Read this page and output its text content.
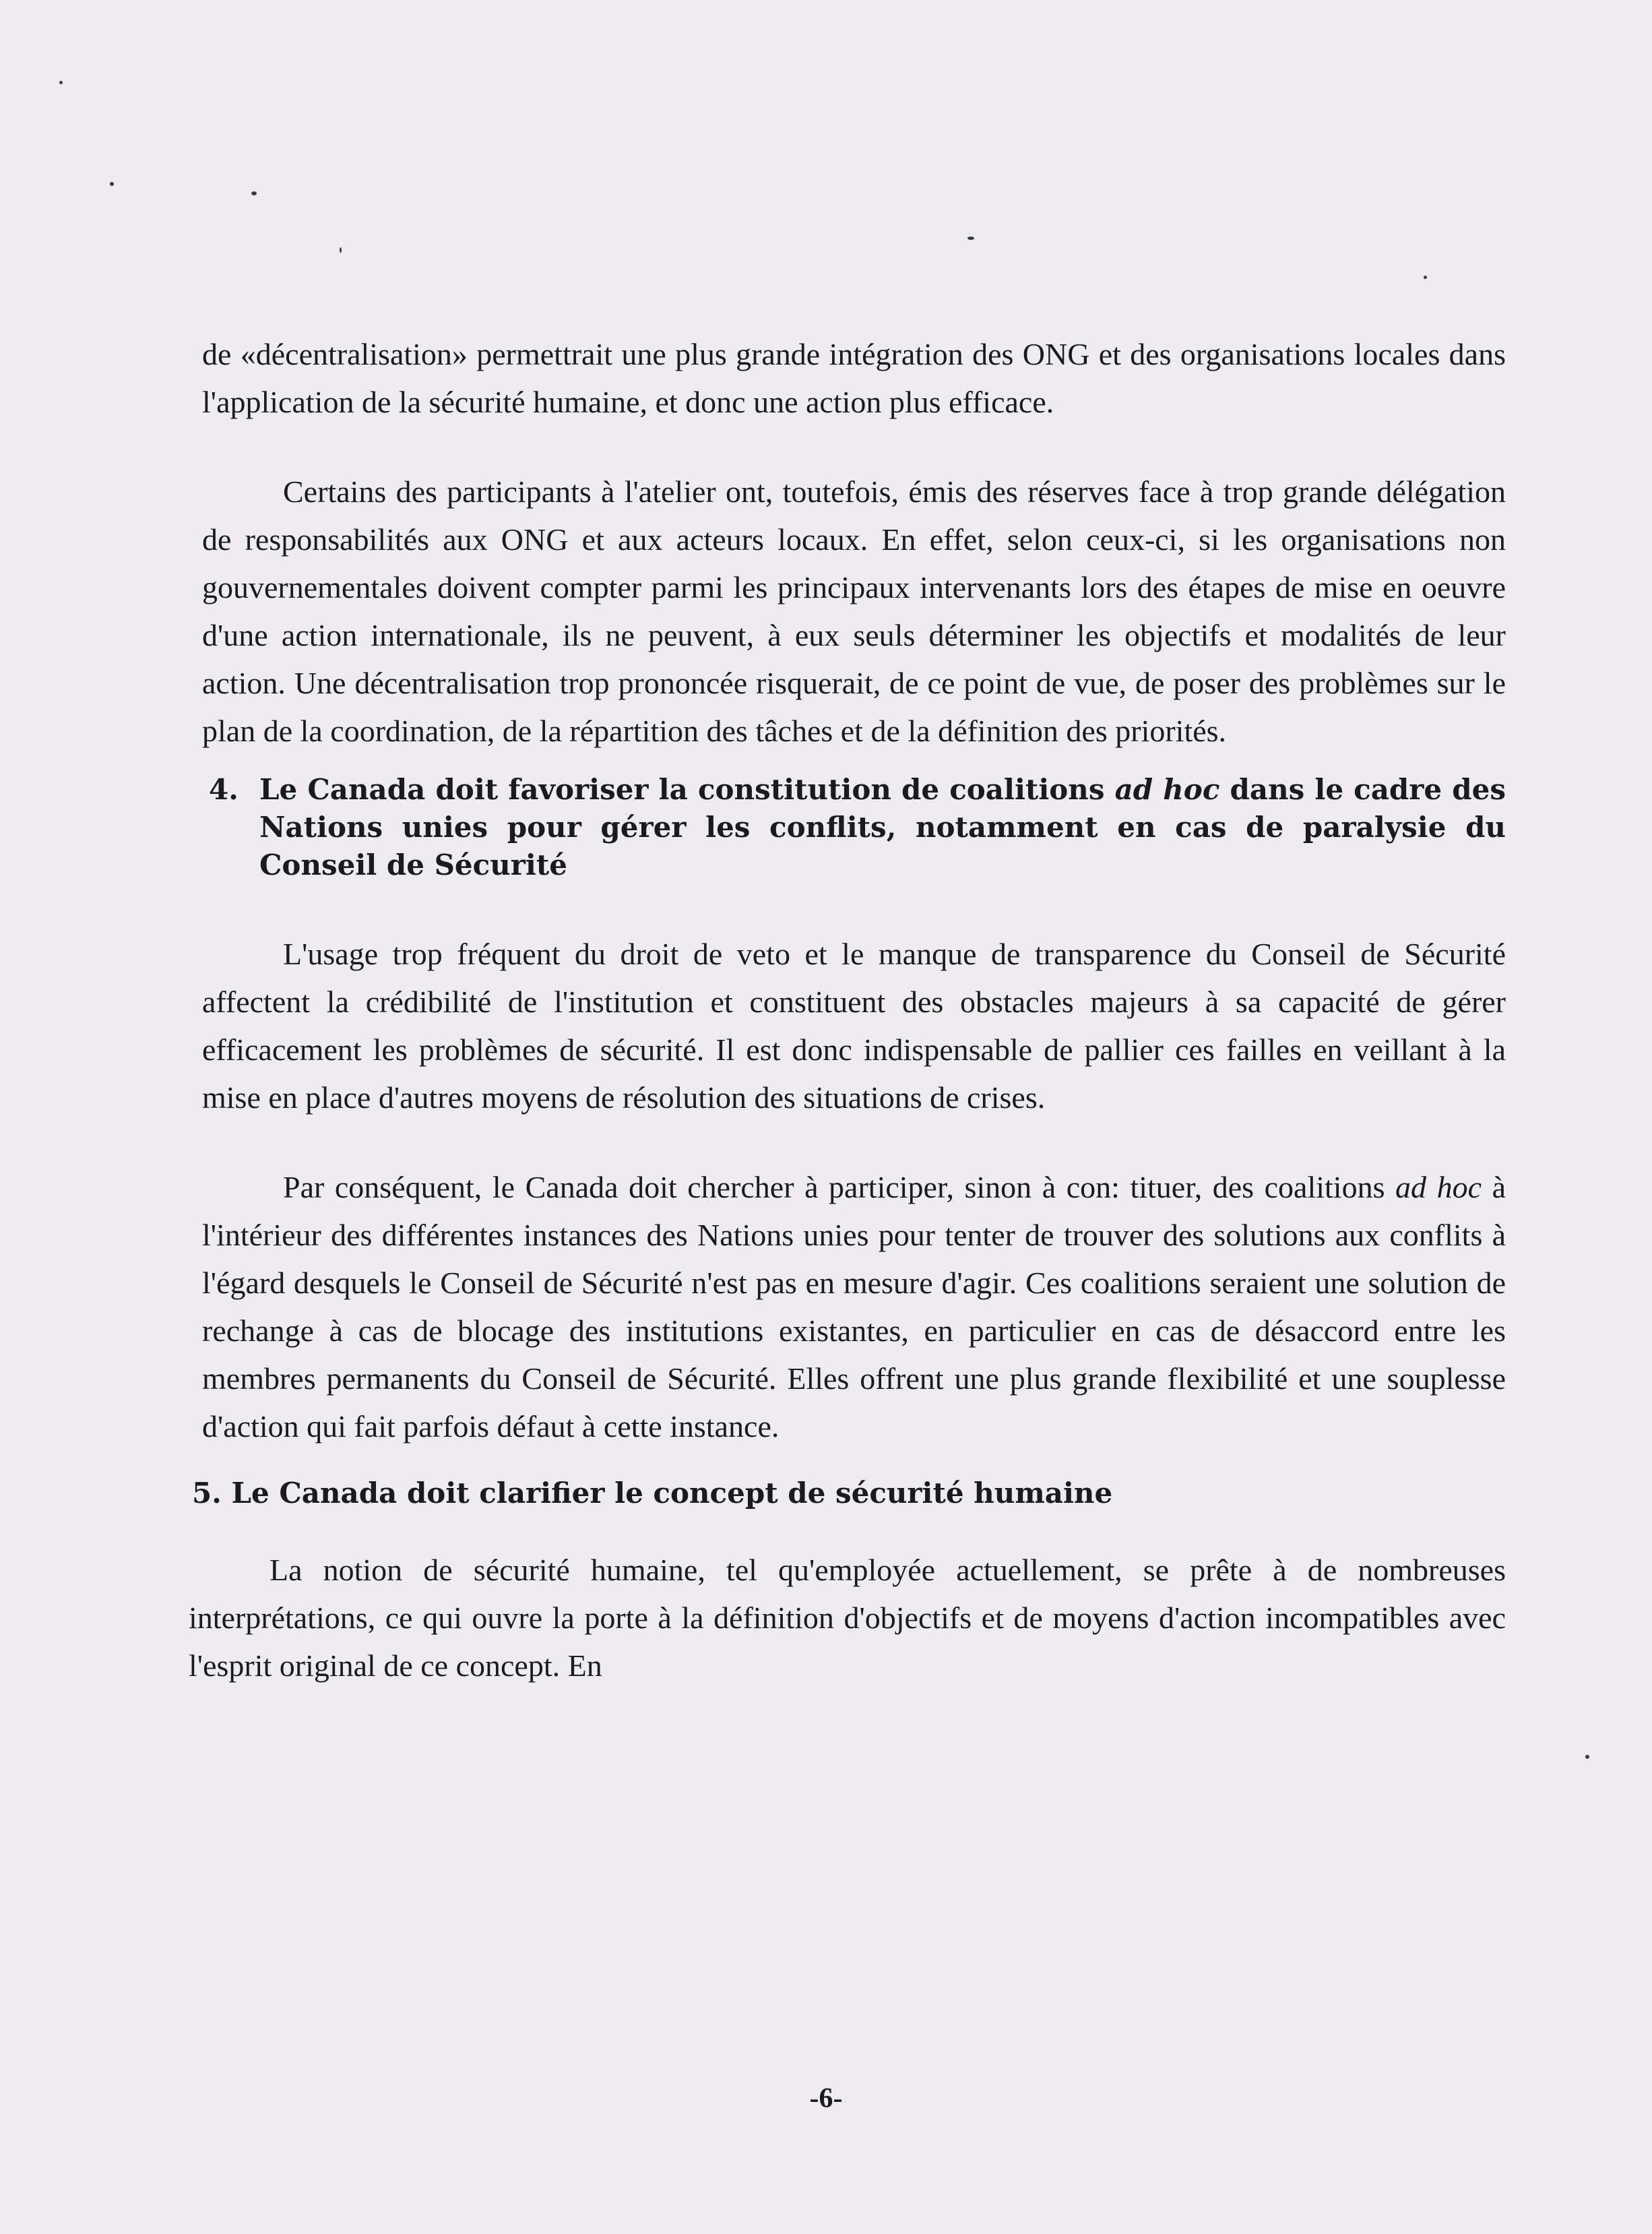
de «décentralisation» permettrait une plus grande intégration des ONG et des organisations locales dans l'application de la sécurité humaine, et donc une action plus efficace.

Certains des participants à l'atelier ont, toutefois, émis des réserves face à trop grande délégation de responsabilités aux ONG et aux acteurs locaux. En effet, selon ceux-ci, si les organisations non gouvernementales doivent compter parmi les principaux intervenants lors des étapes de mise en oeuvre d'une action internationale, ils ne peuvent, à eux seuls déterminer les objectifs et modalités de leur action. Une décentralisation trop prononcée risquerait, de ce point de vue, de poser des problèmes sur le plan de la coordination, de la répartition des tâches et de la définition des priorités.

4. Le Canada doit favoriser la constitution de coalitions ad hoc dans le cadre des Nations unies pour gérer les conflits, notamment en cas de paralysie du Conseil de Sécurité

L'usage trop fréquent du droit de veto et le manque de transparence du Conseil de Sécurité affectent la crédibilité de l'institution et constituent des obstacles majeurs à sa capacité de gérer efficacement les problèmes de sécurité. Il est donc indispensable de pallier ces failles en veillant à la mise en place d'autres moyens de résolution des situations de crises.

Par conséquent, le Canada doit chercher à participer, sinon à con: tituer, des coalitions ad hoc à l'intérieur des différentes instances des Nations unies pour tenter de trouver des solutions aux conflits à l'égard desquels le Conseil de Sécurité n'est pas en mesure d'agir. Ces coalitions seraient une solution de rechange à cas de blocage des institutions existantes, en particulier en cas de désaccord entre les membres permanents du Conseil de Sécurité. Elles offrent une plus grande flexibilité et une souplesse d'action qui fait parfois défaut à cette instance.

5. Le Canada doit clarifier le concept de sécurité humaine

La notion de sécurité humaine, tel qu'employée actuellement, se prête à de nombreuses interprétations, ce qui ouvre la porte à la définition d'objectifs et de moyens d'action incompatibles avec l'esprit original de ce concept. En

-6-
